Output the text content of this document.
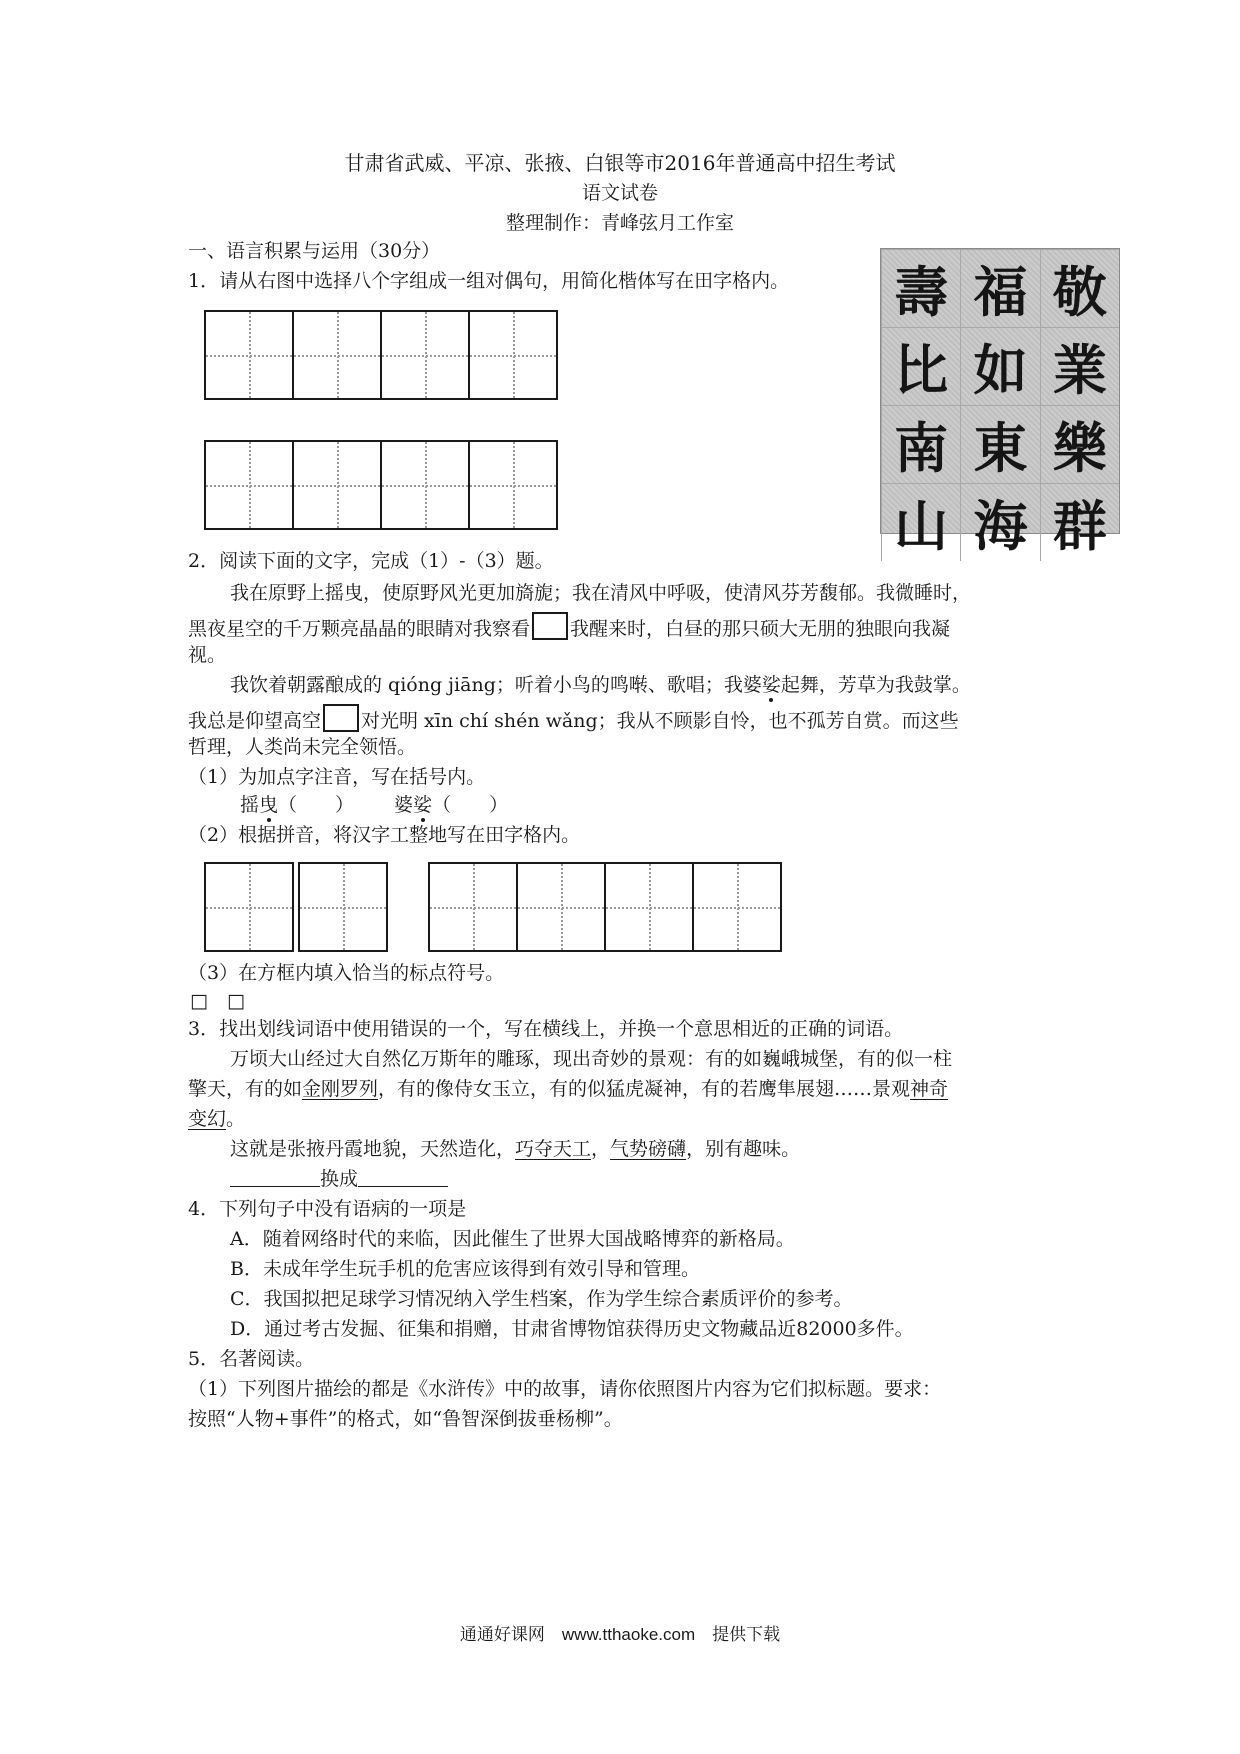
甘肃省武威、平凉、张掖、白银等市2016年普通高中招生考试
语文试卷
整理制作：青峰弦月工作室
一、语言积累与运用（30分）
1．请从右图中选择八个字组成一组对偶句，用简化楷体写在田字格内。 壽 福 敬
比 如 業
南 東 樂
山 海 群
2．阅读下面的文字，完成（1）-（3）题。
我在原野上摇曳，使原野风光更加旖旎；我在清风中呼吸，使清风芬芳馥郁。我微睡时，
黑夜星空的千万颗亮晶晶的眼睛对我察看 我醒来时，白昼的那只硕大无朋的独眼向我凝
视。
我饮着朝露酿成的 qióng jiāng；听着小鸟的鸣啭、歌唱；我婆娑起舞，芳草为我鼓掌。
我总是仰望高空 对光明 xīn chí shén wǎng；我从不顾影自怜，也不孤芳自赏。而这些
哲理，人类尚未完全领悟。
（1）为加点字注音，写在括号内。
摇曳（　　） 婆娑（　　）
（2）根据拼音，将汉字工整地写在田字格内。
（3）在方框内填入恰当的标点符号。
□　□
3．找出划线词语中使用错误的一个，写在横线上，并换一个意思相近的正确的词语。
万顷大山经过大自然亿万斯年的雕琢，现出奇妙的景观：有的如巍峨城堡，有的似一柱
擎天，有的如金刚罗列，有的像侍女玉立，有的似猛虎凝神，有的若鹰隼展翅……景观神奇
变幻。
这就是张掖丹霞地貌，天然造化，巧夺天工，气势磅礴，别有趣味。
换成
4．下列句子中没有语病的一项是
A．随着网络时代的来临，因此催生了世界大国战略博弈的新格局。
B．未成年学生玩手机的危害应该得到有效引导和管理。
C．我国拟把足球学习情况纳入学生档案，作为学生综合素质评价的参考。
D．通过考古发掘、征集和捐赠，甘肃省博物馆获得历史文物藏品近82000多件。
5．名著阅读。
（1）下列图片描绘的都是《水浒传》中的故事，请你依照图片内容为它们拟标题。要求：
按照“人物+事件”的格式，如“鲁智深倒拔垂杨柳”。
通通好课网　www.tthaoke.com　提供下载
